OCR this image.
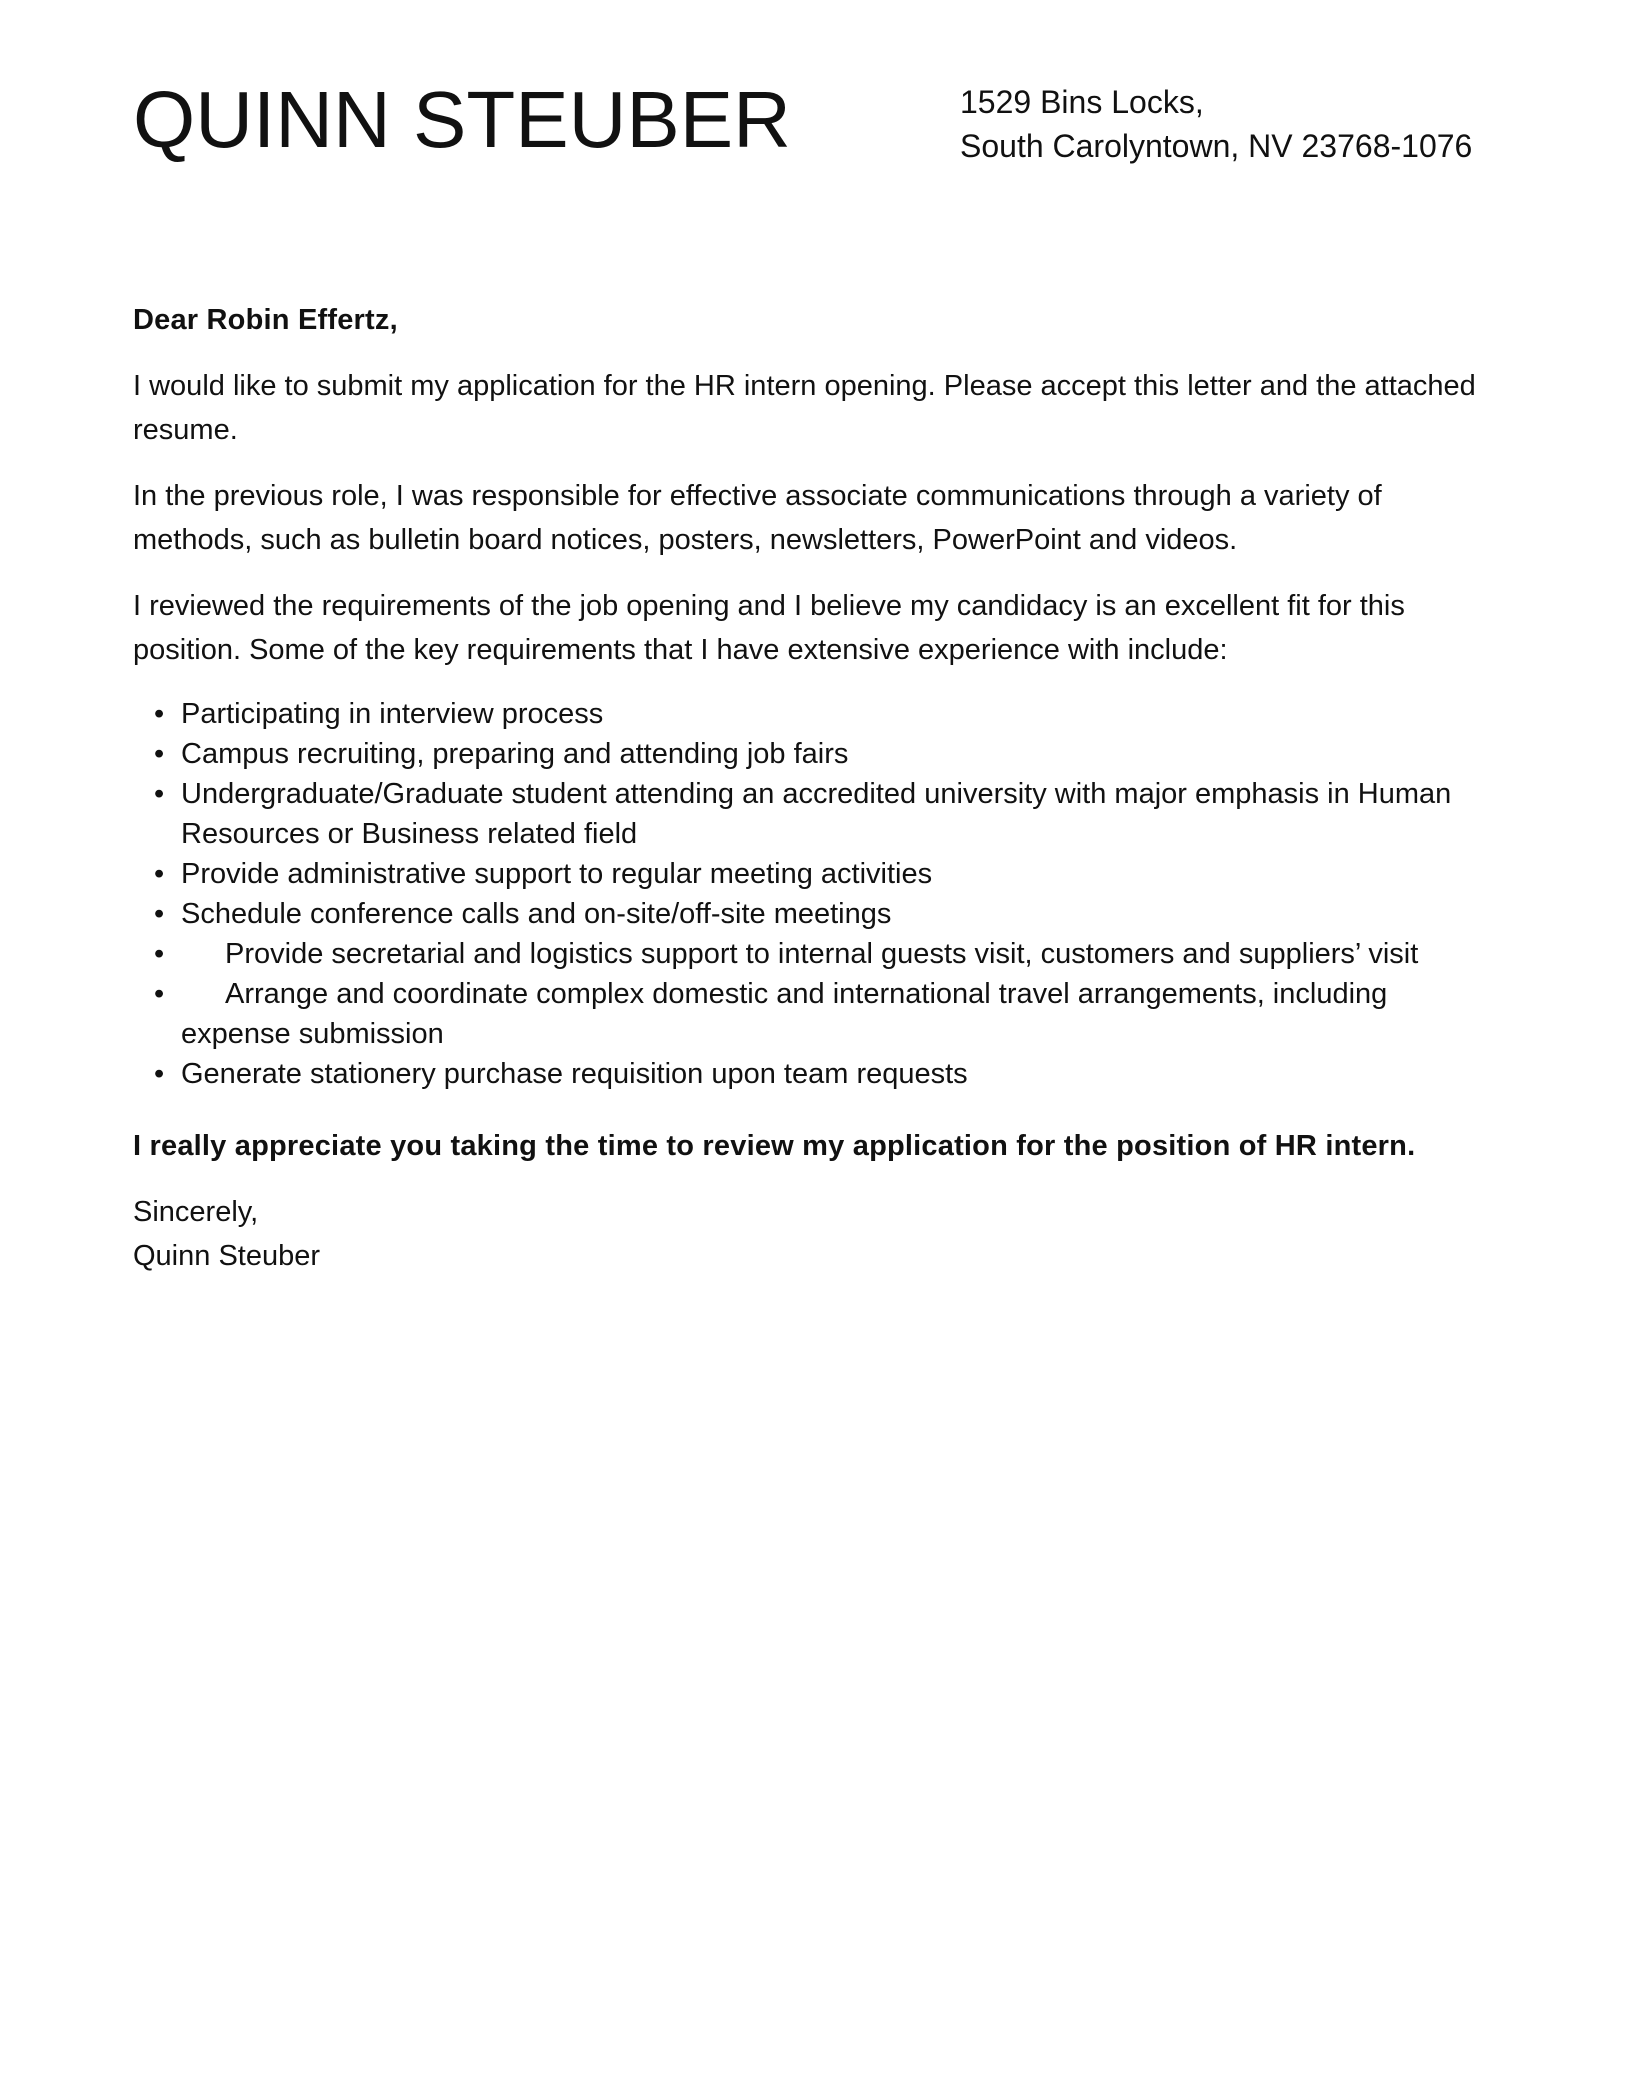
QUINN STEUBER	1529 Bins Locks,
South Carolyntown, NV 23768-1076

Dear Robin Effertz,

I would like to submit my application for the HR intern opening. Please accept this letter and the attached resume.

In the previous role, I was responsible for effective associate communications through a variety of methods, such as bulletin board notices, posters, newsletters, PowerPoint and videos.

I reviewed the requirements of the job opening and I believe my candidacy is an excellent fit for this position. Some of the key requirements that I have extensive experience with include:

• Participating in interview process
• Campus recruiting, preparing and attending job fairs
• Undergraduate/Graduate student attending an accredited university with major emphasis in Human Resources or Business related field
• Provide administrative support to regular meeting activities
• Schedule conference calls and on-site/off-site meetings
• Provide secretarial and logistics support to internal guests visit, customers and suppliers’ visit
• Arrange and coordinate complex domestic and international travel arrangements, including expense submission
• Generate stationery purchase requisition upon team requests

I really appreciate you taking the time to review my application for the position of HR intern.

Sincerely,
Quinn Steuber
